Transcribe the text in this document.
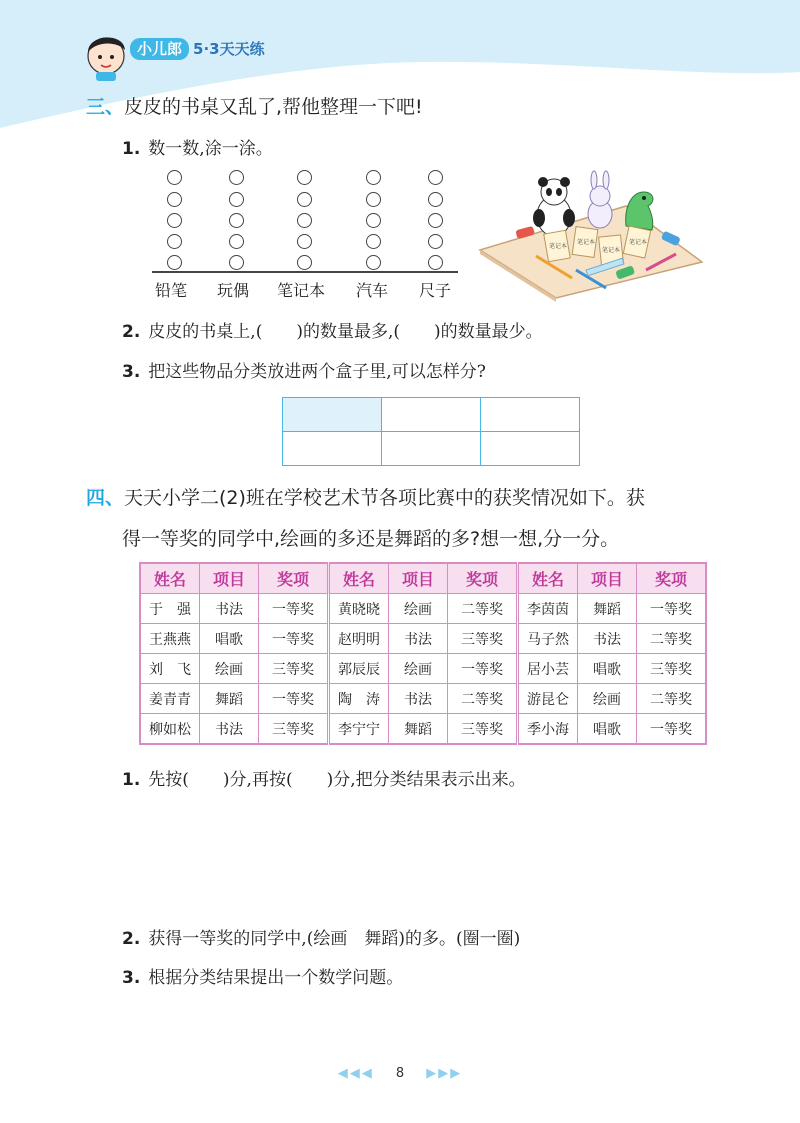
小儿郎 5·3天天练
三、皮皮的书桌又乱了,帮他整理一下吧!
1. 数一数,涂一涂。
铅笔 玩偶 笔记本 汽车 尺子
笔记本
笔记本
笔记本
笔记本
2. 皮皮的书桌上,(　　)的数量最多,(　　)的数量最少。
3. 把这些物品分类放进两个盒子里,可以怎样分?

四、天天小学二(2)班在学校艺术节各项比赛中的获奖情况如下。获
得一等奖的同学中,绘画的多还是舞蹈的多?想一想,分一分。
姓名	项目	奖项	姓名	项目	奖项	姓名	项目	奖项
于　强	书法	一等奖	黄晓晓	绘画	二等奖	李茵茵	舞蹈	一等奖
王燕燕	唱歌	一等奖	赵明明	书法	三等奖	马子然	书法	二等奖
刘　飞	绘画	三等奖	郭辰辰	绘画	一等奖	居小芸	唱歌	三等奖
姜青青	舞蹈	一等奖	陶　涛	书法	二等奖	游昆仑	绘画	二等奖
柳如松	书法	三等奖	李宁宁	舞蹈	三等奖	季小海	唱歌	一等奖
1. 先按(　　)分,再按(　　)分,把分类结果表示出来。
2. 获得一等奖的同学中,(绘画　舞蹈)的多。(圈一圈)
3. 根据分类结果提出一个数学问题。
◀◀◀ 8 ▶▶▶
